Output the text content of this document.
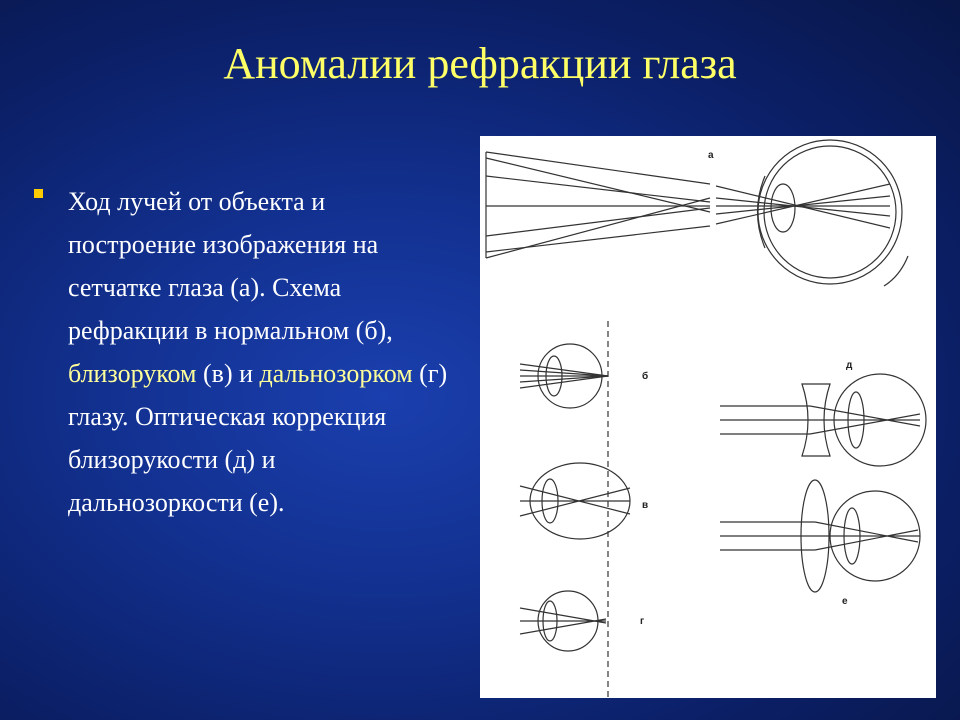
Аномалии рефракции глаза
Ход лучей от объекта и построение изображения на сетчатке глаза (а). Схема рефракции в нормальном (б), близоруком (в) и дальнозорком (г) глазу. Оптическая коррекция близорукости (д) и дальнозоркости (е).
а
б
в
г
д
е
